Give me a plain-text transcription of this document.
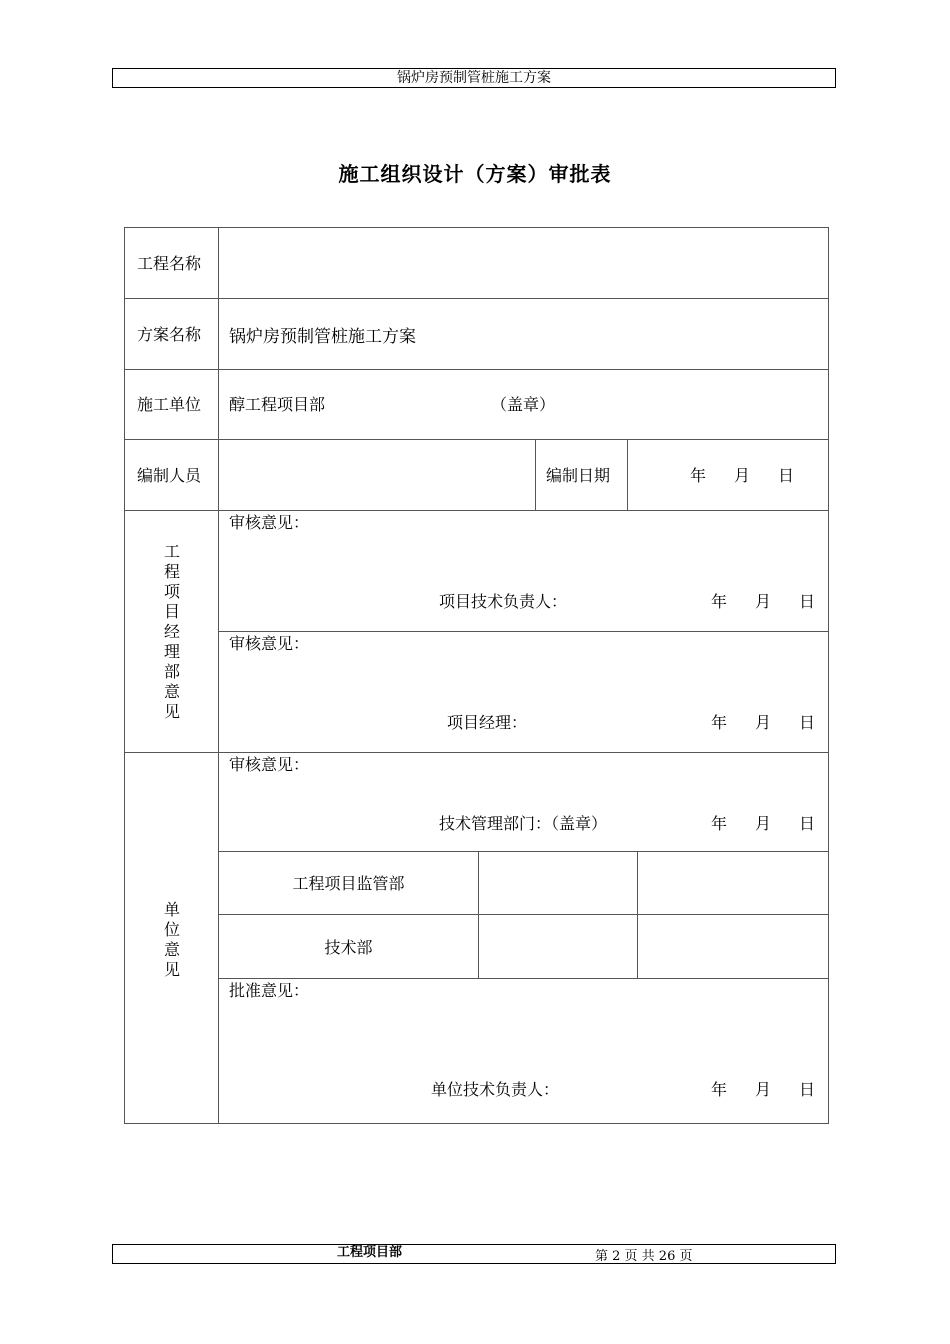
锅炉房预制管桩施工方案
施工组织设计（方案）审批表
工程名称
方案名称 锅炉房预制管桩施工方案
施工单位 醇工程项目部	（盖章）
编制人员	编制日期	年 月 日
工
程
项
目
经
理
部
意
见
审核意见：
项目技术负责人：	年 月 日
审核意见：
项目经理：	年 月 日
单
位
意
见
审核意见：
技术管理部门：（盖章）	年 月 日
工程项目监管部
技术部
批准意见：
单位技术负责人：	年 月 日
工程项目部	第 2 页 共 26 页
